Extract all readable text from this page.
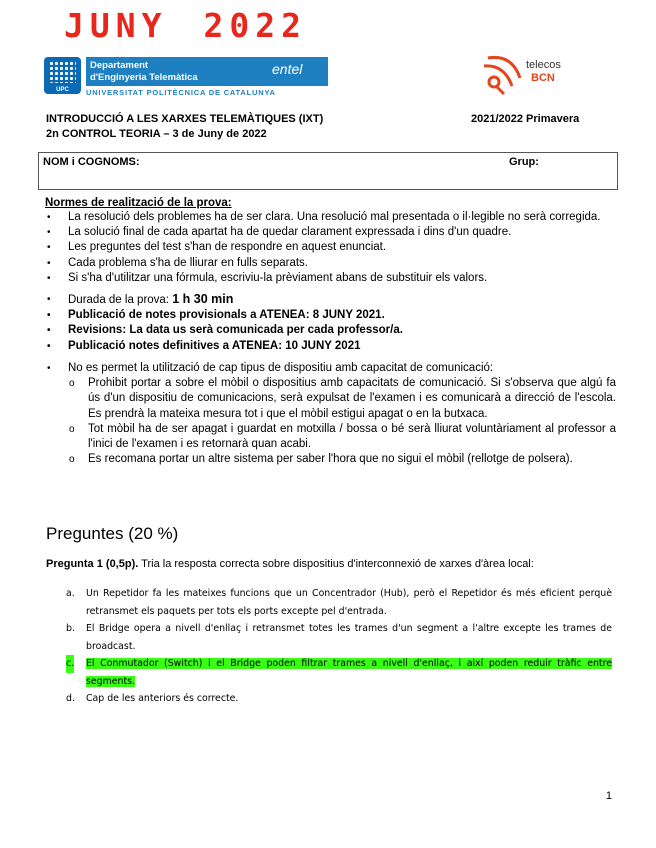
JUNY 2022
UPC
Departament
d'Enginyeria Telemàtica
entel
UNIVERSITAT POLITÈCNICA DE CATALUNYA
telecos
BCN
INTRODUCCIÓ A LES XARXES TELEMÀTIQUES (IXT)	2021/2022 Primavera
2n CONTROL TEORIA – 3 de Juny de 2022
NOM i COGNOMS:	Grup:
Normes de realització de la prova:
• La resolució dels problemes ha de ser clara. Una resolució mal presentada o il·legible no serà corregida.
• La solució final de cada apartat ha de quedar clarament expressada i dins d'un quadre.
• Les preguntes del test s'han de respondre en aquest enunciat.
• Cada problema s'ha de lliurar en fulls separats.
• Si s'ha d'utilitzar una fórmula, escriviu-la prèviament abans de substituir els valors.
• Durada de la prova: 1 h 30 min
• Publicació de notes provisionals a ATENEA: 8 JUNY 2021.
• Revisions: La data us serà comunicada per cada professor/a.
• Publicació notes definitives a ATENEA: 10 JUNY 2021
• No es permet la utilització de cap tipus de dispositiu amb capacitat de comunicació:
o Prohibit portar a sobre el mòbil o dispositius amb capacitats de comunicació. Si s'observa que algú fa ús d'un dispositiu de comunicacions, serà expulsat de l'examen i es comunicarà a direcció de l'escola. Es prendrà la mateixa mesura tot i que el mòbil estigui apagat o en la butxaca.
o Tot mòbil ha de ser apagat i guardat en motxilla / bossa o bé serà lliurat voluntàriament al professor a l'inici de l'examen i es retornarà quan acabi.
o Es recomana portar un altre sistema per saber l'hora que no sigui el mòbil (rellotge de polsera).
Preguntes (20 %)
Pregunta 1 (0,5p). Tria la resposta correcta sobre dispositius d'interconnexió de xarxes d'àrea local:
a. Un Repetidor fa les mateixes funcions que un Concentrador (Hub), però el Repetidor és més eficient perquè retransmet els paquets per tots els ports excepte pel d'entrada.
b. El Bridge opera a nivell d'enllaç i retransmet totes les trames d'un segment a l'altre excepte les trames de broadcast.
c. El Conmutador (Switch) i el Bridge poden filtrar trames a nivell d'enllaç, i així poden reduir tràfic entre segments.
d. Cap de les anteriors és correcte.
1
